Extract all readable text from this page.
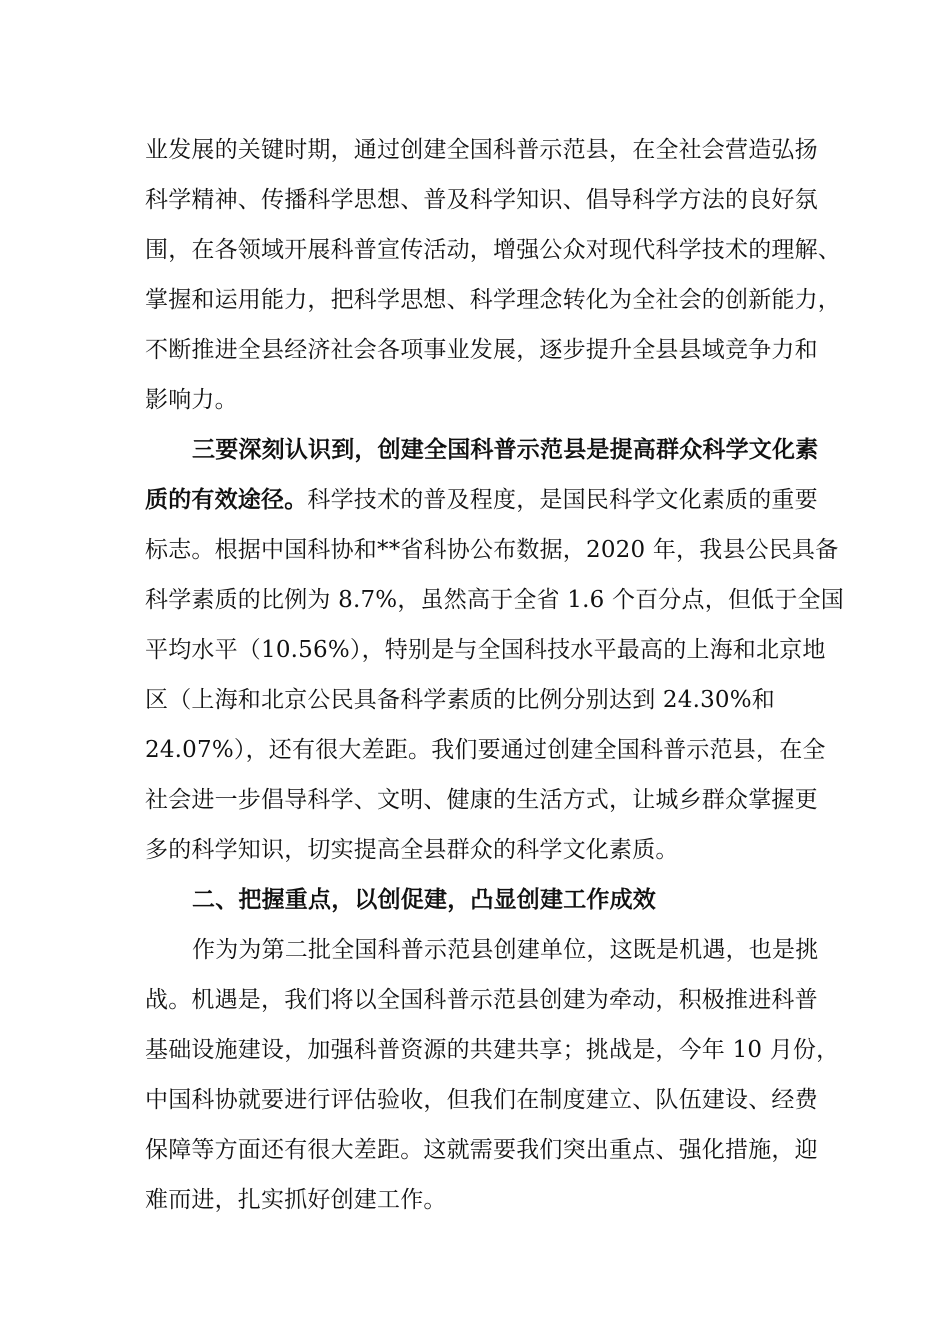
业发展的关键时期，通过创建全国科普示范县，在全社会营造弘扬
科学精神、传播科学思想、普及科学知识、倡导科学方法的良好氛
围，在各领域开展科普宣传活动，增强公众对现代科学技术的理解、
掌握和运用能力，把科学思想、科学理念转化为全社会的创新能力，
不断推进全县经济社会各项事业发展，逐步提升全县县域竞争力和
影响力。
三要深刻认识到，创建全国科普示范县是提高群众科学文化素
质的有效途径。科学技术的普及程度，是国民科学文化素质的重要
标志。根据中国科协和**省科协公布数据，2020 年，我县公民具备
科学素质的比例为 8.7%，虽然高于全省 1.6 个百分点，但低于全国
平均水平（10.56%），特别是与全国科技水平最高的上海和北京地
区（上海和北京公民具备科学素质的比例分别达到 24.30%和
24.07%），还有很大差距。我们要通过创建全国科普示范县，在全
社会进一步倡导科学、文明、健康的生活方式，让城乡群众掌握更
多的科学知识，切实提高全县群众的科学文化素质。
二、把握重点，以创促建，凸显创建工作成效
作为为第二批全国科普示范县创建单位，这既是机遇，也是挑
战。机遇是，我们将以全国科普示范县创建为牵动，积极推进科普
基础设施建设，加强科普资源的共建共享；挑战是，今年 10 月份，
中国科协就要进行评估验收，但我们在制度建立、队伍建设、经费
保障等方面还有很大差距。这就需要我们突出重点、强化措施，迎
难而进，扎实抓好创建工作。
